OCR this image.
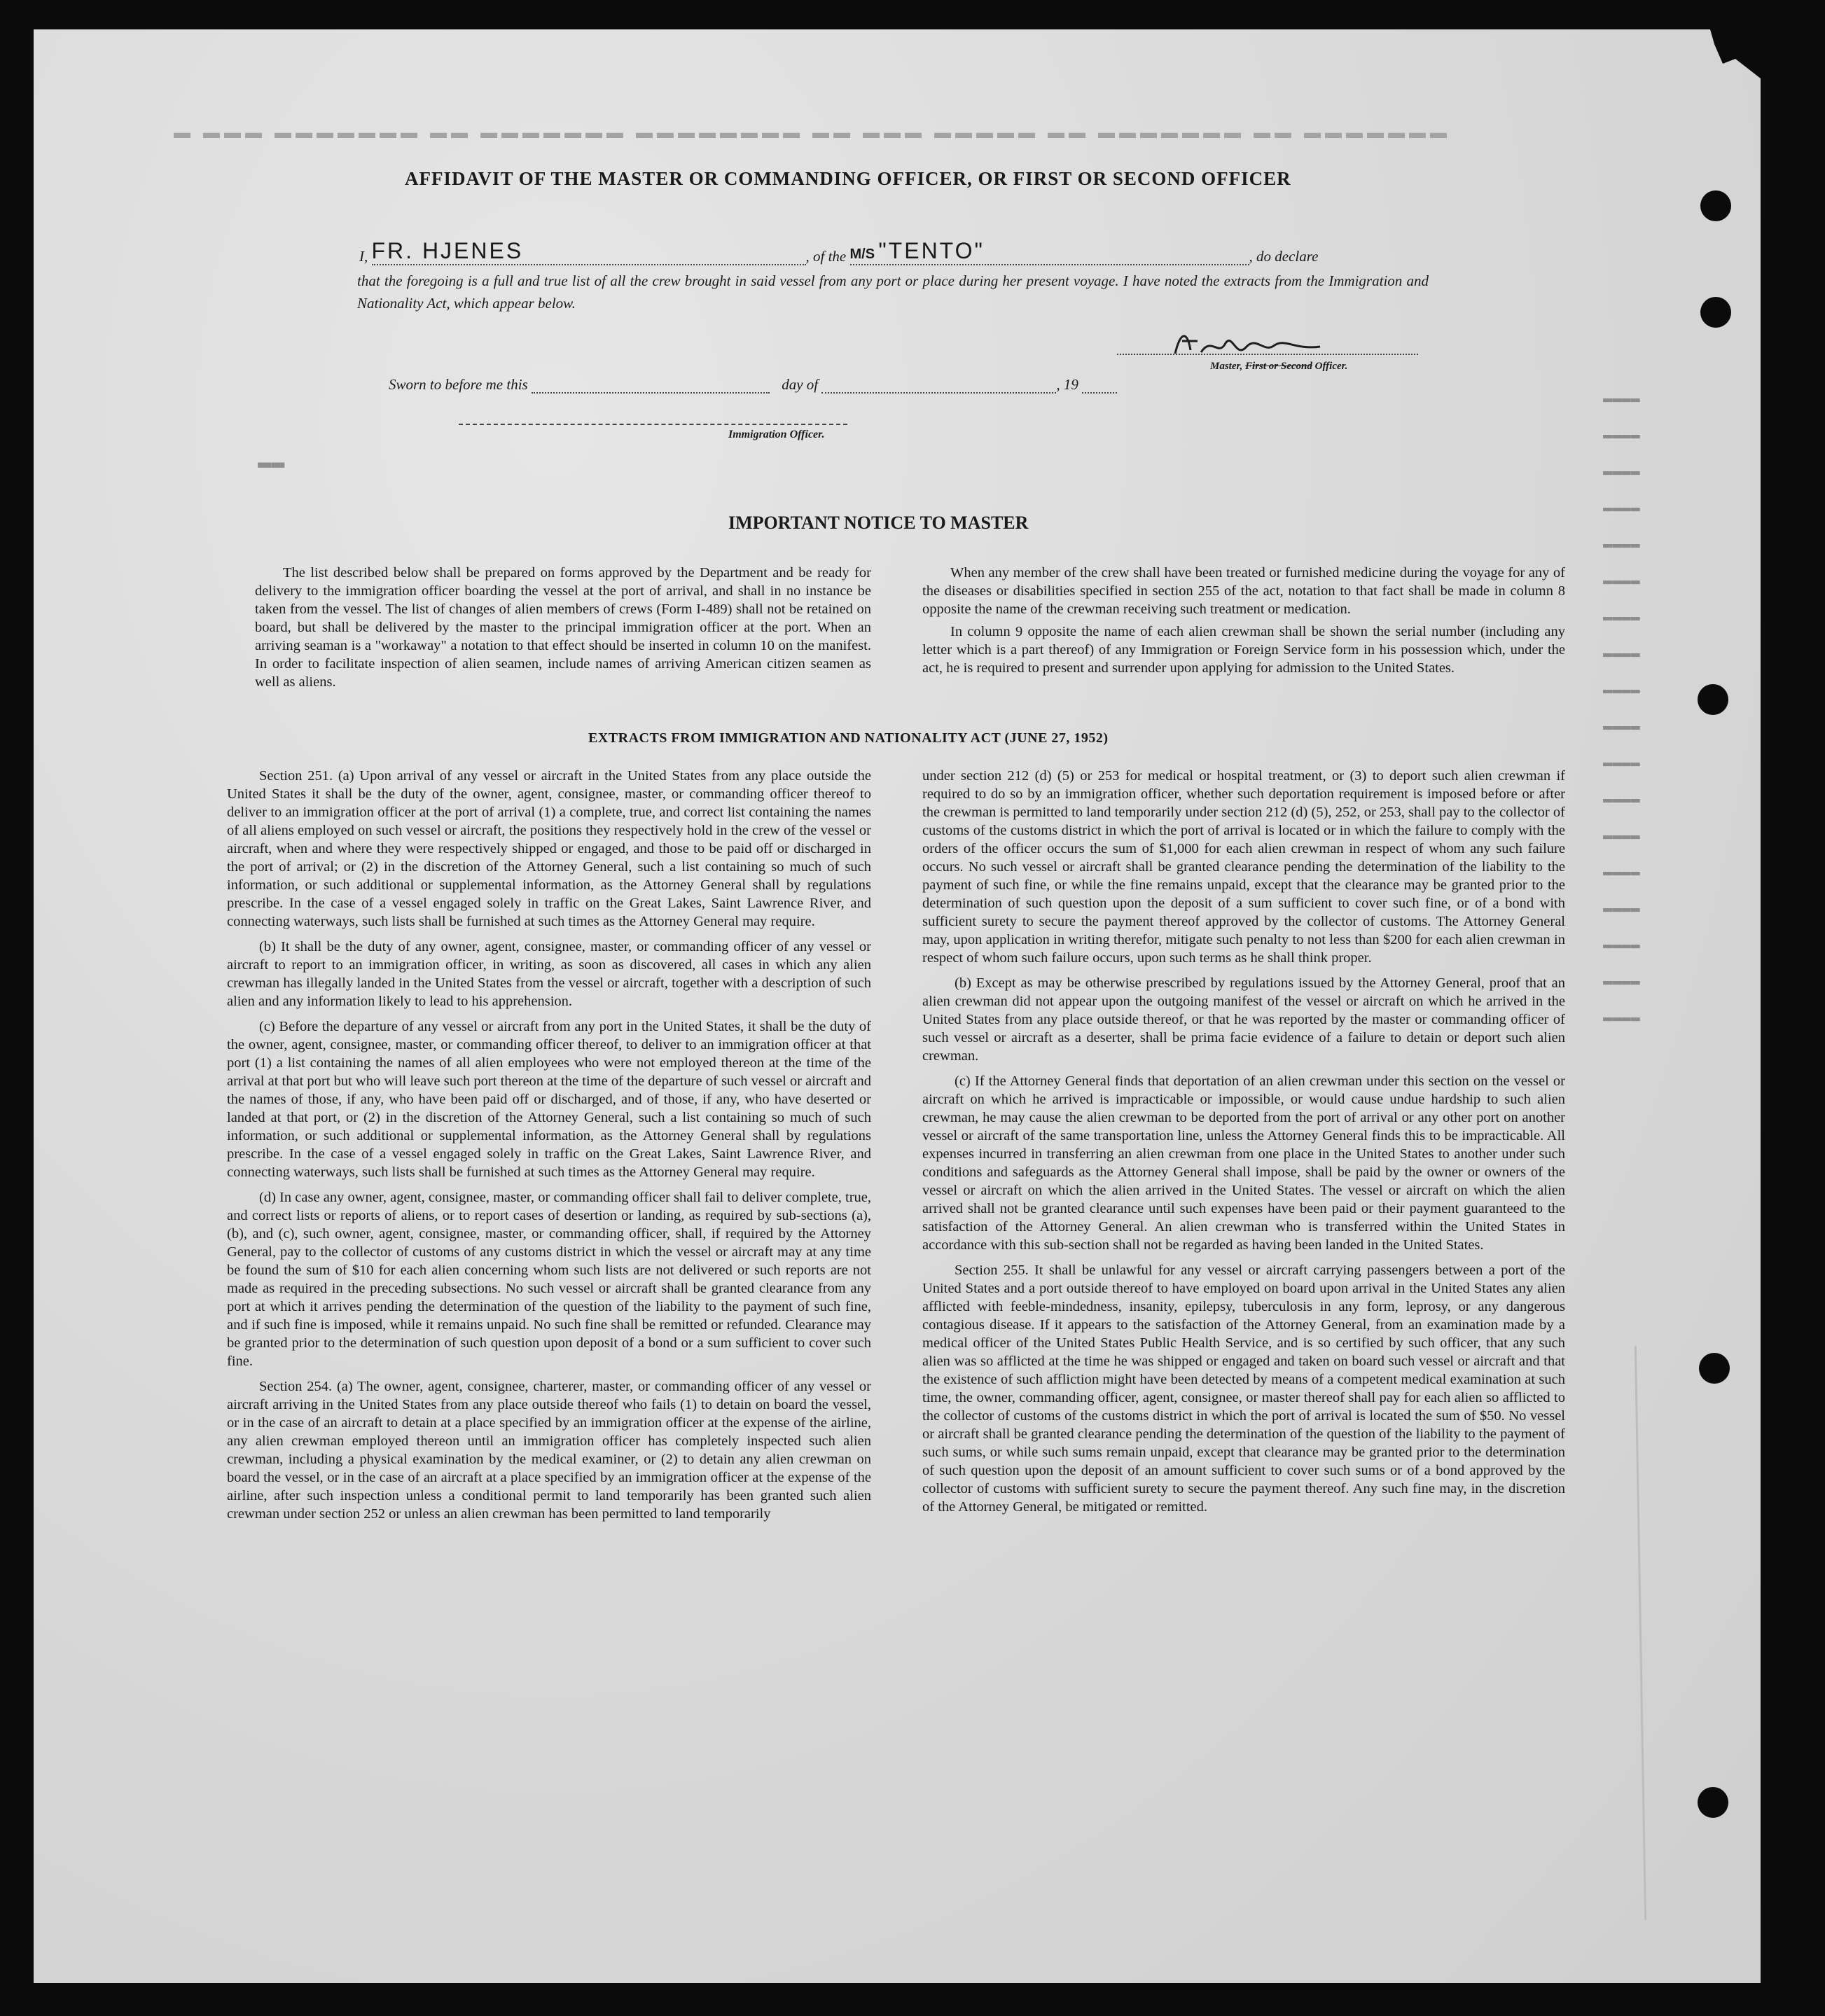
▬ ▬▬▬ ▬▬▬▬▬▬▬ ▬▬ ▬▬▬▬▬▬▬ ▬▬▬▬▬▬▬▬ ▬▬ ▬▬▬ ▬▬▬▬▬ ▬▬ ▬▬▬▬▬▬▬ ▬▬ ▬▬▬▬▬▬▬
▬▬
▬▬▬▬
▬▬▬▬
▬▬▬▬
▬▬▬▬
▬▬▬▬
▬▬▬▬
▬▬▬▬
▬▬▬▬
▬▬▬▬
▬▬▬▬
▬▬▬▬
▬▬▬▬
▬▬▬▬
▬▬▬▬
▬▬▬▬
▬▬▬▬
▬▬▬▬
▬▬▬▬
AFFIDAVIT OF THE MASTER OR COMMANDING OFFICER, OR FIRST OR SECOND OFFICER
I, FR. HJENES	, of the M/S "TENTO"	, do declare
that the foregoing is a full and true list of all the crew brought in said vessel from any port or place during her present voyage. I have noted the extracts from the Immigration and Nationality Act, which appear below.
Master, First or Second Officer.
Sworn to before me this	day of	, 19
Immigration Officer.
IMPORTANT NOTICE TO MASTER

The list described below shall be prepared on forms approved by the Department and be ready for delivery to the immigration officer boarding the vessel at the port of arrival, and shall in no instance be taken from the vessel. The list of changes of alien members of crews (Form I-489) shall not be retained on board, but shall be delivered by the master to the principal immigration officer at the port. When an arriving seaman is a "workaway" a notation to that effect should be inserted in column 10 on the manifest. In order to facilitate inspection of alien seamen, include names of arriving American citizen seamen as well as aliens.

When any member of the crew shall have been treated or furnished medicine during the voyage for any of the diseases or disabilities specified in section 255 of the act, notation to that fact shall be made in column 8 opposite the name of the crewman receiving such treatment or medication.

In column 9 opposite the name of each alien crewman shall be shown the serial number (including any letter which is a part thereof) of any Immigration or Foreign Service form in his possession which, under the act, he is required to present and surrender upon applying for admission to the United States.

EXTRACTS FROM IMMIGRATION AND NATIONALITY ACT (JUNE 27, 1952)

Section 251. (a) Upon arrival of any vessel or aircraft in the United States from any place outside the United States it shall be the duty of the owner, agent, consignee, master, or commanding officer thereof to deliver to an immigration officer at the port of arrival (1) a complete, true, and correct list containing the names of all aliens employed on such vessel or aircraft, the positions they respectively hold in the crew of the vessel or aircraft, when and where they were respectively shipped or engaged, and those to be paid off or discharged in the port of arrival; or (2) in the discretion of the Attorney General, such a list containing so much of such information, or such additional or supplemental information, as the Attorney General shall by regulations prescribe. In the case of a vessel engaged solely in traffic on the Great Lakes, Saint Lawrence River, and connecting waterways, such lists shall be furnished at such times as the Attorney General may require.

(b) It shall be the duty of any owner, agent, consignee, master, or commanding officer of any vessel or aircraft to report to an immigration officer, in writing, as soon as discovered, all cases in which any alien crewman has illegally landed in the United States from the vessel or aircraft, together with a description of such alien and any information likely to lead to his apprehension.

(c) Before the departure of any vessel or aircraft from any port in the United States, it shall be the duty of the owner, agent, consignee, master, or commanding officer thereof, to deliver to an immigration officer at that port (1) a list containing the names of all alien employees who were not employed thereon at the time of the arrival at that port but who will leave such port thereon at the time of the departure of such vessel or aircraft and the names of those, if any, who have been paid off or discharged, and of those, if any, who have deserted or landed at that port, or (2) in the discretion of the Attorney General, such a list containing so much of such information, or such additional or supplemental information, as the Attorney General shall by regulations prescribe. In the case of a vessel engaged solely in traffic on the Great Lakes, Saint Lawrence River, and connecting waterways, such lists shall be furnished at such times as the Attorney General may require.

(d) In case any owner, agent, consignee, master, or commanding officer shall fail to deliver complete, true, and correct lists or reports of aliens, or to report cases of desertion or landing, as required by sub-sections (a), (b), and (c), such owner, agent, consignee, master, or commanding officer, shall, if required by the Attorney General, pay to the collector of customs of any customs district in which the vessel or aircraft may at any time be found the sum of $10 for each alien concerning whom such lists are not delivered or such reports are not made as required in the preceding subsections. No such vessel or aircraft shall be granted clearance from any port at which it arrives pending the determination of the question of the liability to the payment of such fine, and if such fine is imposed, while it remains unpaid. No such fine shall be remitted or refunded. Clearance may be granted prior to the determination of such question upon deposit of a bond or a sum sufficient to cover such fine.

Section 254. (a) The owner, agent, consignee, charterer, master, or commanding officer of any vessel or aircraft arriving in the United States from any place outside thereof who fails (1) to detain on board the vessel, or in the case of an aircraft to detain at a place specified by an immigration officer at the expense of the airline, any alien crewman employed thereon until an immigration officer has completely inspected such alien crewman, including a physical examination by the medical examiner, or (2) to detain any alien crewman on board the vessel, or in the case of an aircraft at a place specified by an immigration officer at the expense of the airline, after such inspection unless a conditional permit to land temporarily has been granted such alien crewman under section 252 or unless an alien crewman has been permitted to land temporarily

under section 212 (d) (5) or 253 for medical or hospital treatment, or (3) to deport such alien crewman if required to do so by an immigration officer, whether such deportation requirement is imposed before or after the crewman is permitted to land temporarily under section 212 (d) (5), 252, or 253, shall pay to the collector of customs of the customs district in which the port of arrival is located or in which the failure to comply with the orders of the officer occurs the sum of $1,000 for each alien crewman in respect of whom any such failure occurs. No such vessel or aircraft shall be granted clearance pending the determination of the liability to the payment of such fine, or while the fine remains unpaid, except that the clearance may be granted prior to the determination of such question upon the deposit of a sum sufficient to cover such fine, or of a bond with sufficient surety to secure the payment thereof approved by the collector of customs. The Attorney General may, upon application in writing therefor, mitigate such penalty to not less than $200 for each alien crewman in respect of whom such failure occurs, upon such terms as he shall think proper.

(b) Except as may be otherwise prescribed by regulations issued by the Attorney General, proof that an alien crewman did not appear upon the outgoing manifest of the vessel or aircraft on which he arrived in the United States from any place outside thereof, or that he was reported by the master or commanding officer of such vessel or aircraft as a deserter, shall be prima facie evidence of a failure to detain or deport such alien crewman.

(c) If the Attorney General finds that deportation of an alien crewman under this section on the vessel or aircraft on which he arrived is impracticable or impossible, or would cause undue hardship to such alien crewman, he may cause the alien crewman to be deported from the port of arrival or any other port on another vessel or aircraft of the same transportation line, unless the Attorney General finds this to be impracticable. All expenses incurred in transferring an alien crewman from one place in the United States to another under such conditions and safeguards as the Attorney General shall impose, shall be paid by the owner or owners of the vessel or aircraft on which the alien arrived in the United States. The vessel or aircraft on which the alien arrived shall not be granted clearance until such expenses have been paid or their payment guaranteed to the satisfaction of the Attorney General. An alien crewman who is transferred within the United States in accordance with this sub-section shall not be regarded as having been landed in the United States.

Section 255. It shall be unlawful for any vessel or aircraft carrying passengers between a port of the United States and a port outside thereof to have employed on board upon arrival in the United States any alien afflicted with feeble-mindedness, insanity, epilepsy, tuberculosis in any form, leprosy, or any dangerous contagious disease. If it appears to the satisfaction of the Attorney General, from an examination made by a medical officer of the United States Public Health Service, and is so certified by such officer, that any such alien was so afflicted at the time he was shipped or engaged and taken on board such vessel or aircraft and that the existence of such affliction might have been detected by means of a competent medical examination at such time, the owner, commanding officer, agent, consignee, or master thereof shall pay for each alien so afflicted to the collector of customs of the customs district in which the port of arrival is located the sum of $50. No vessel or aircraft shall be granted clearance pending the determination of the question of the liability to the payment of such sums, or while such sums remain unpaid, except that clearance may be granted prior to the determination of such question upon the deposit of an amount sufficient to cover such sums or of a bond approved by the collector of customs with sufficient surety to secure the payment thereof. Any such fine may, in the discretion of the Attorney General, be mitigated or remitted.
